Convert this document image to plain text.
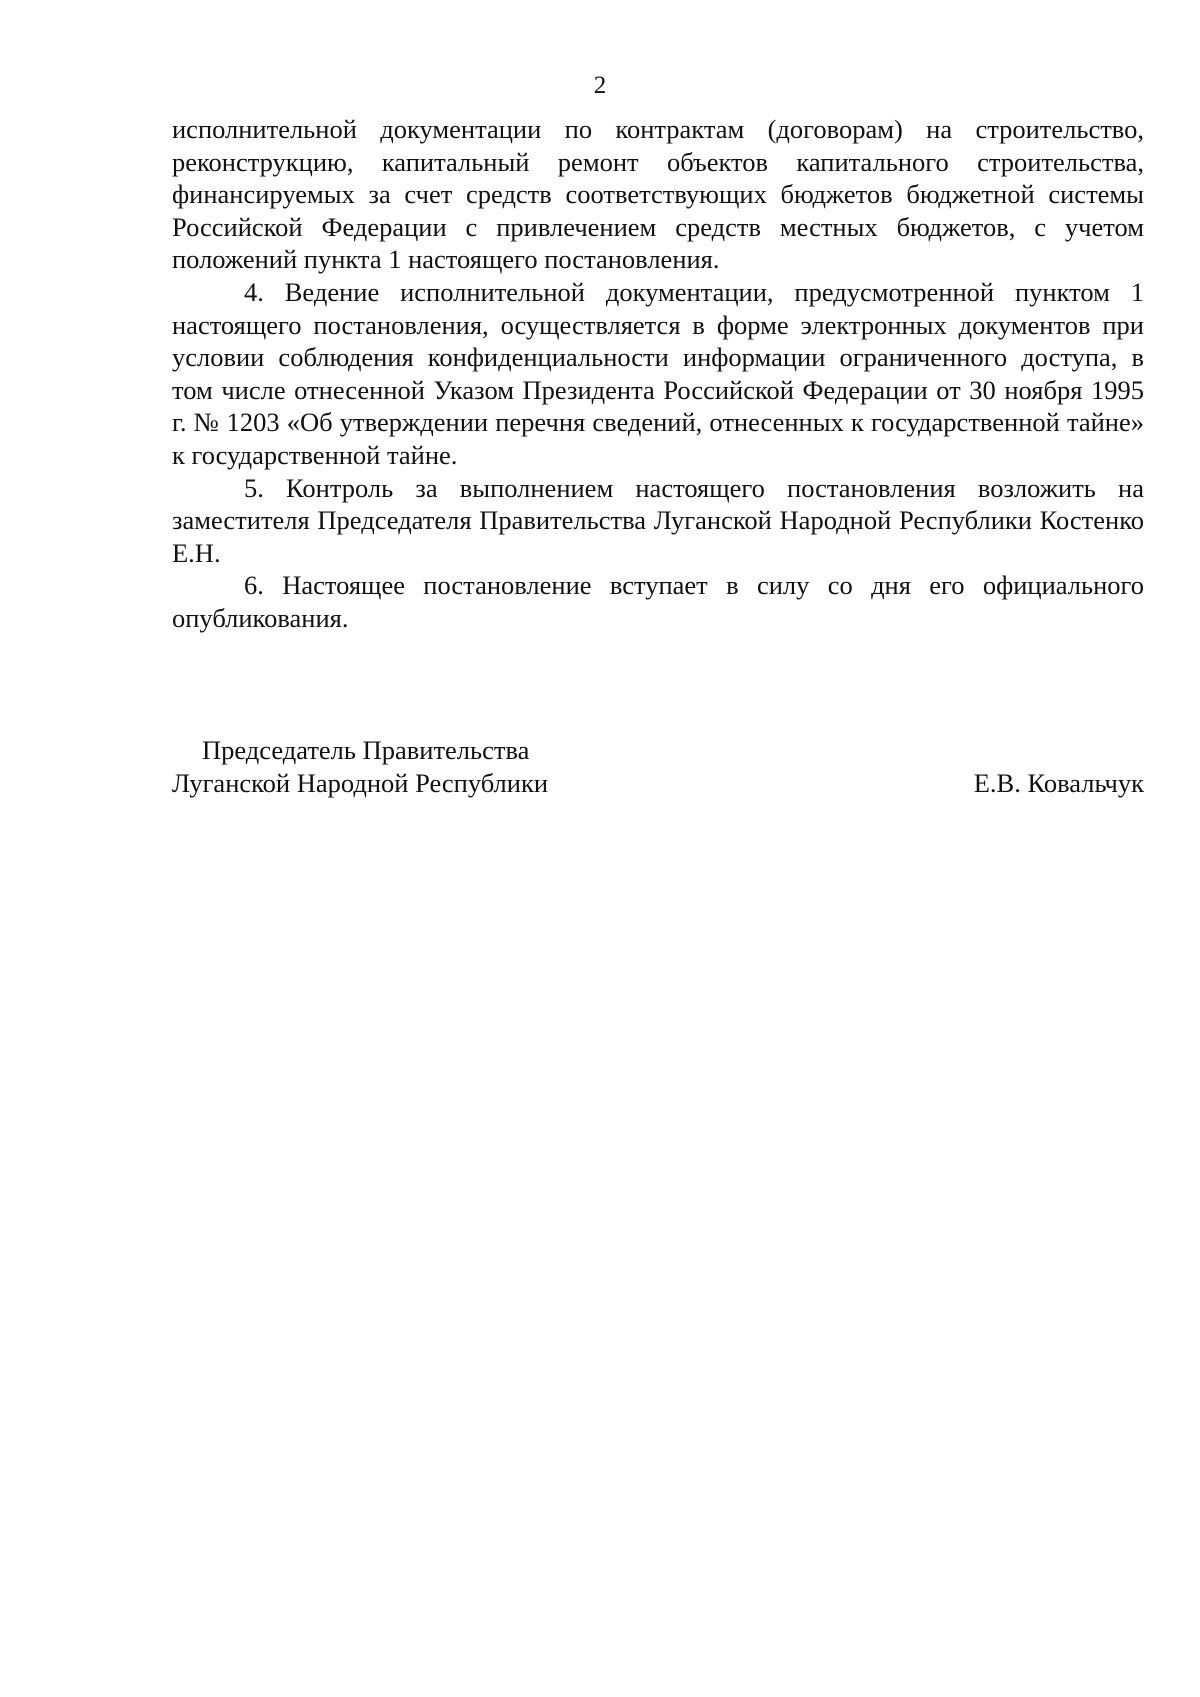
2

исполнительной документации по контрактам (договорам) на строительство, реконструкцию, капитальный ремонт объектов капитального строительства, финансируемых за счет средств соответствующих бюджетов бюджетной системы Российской Федерации с привлечением средств местных бюджетов, с учетом положений пункта 1 настоящего постановления.

4. Ведение исполнительной документации, предусмотренной пунктом 1 настоящего постановления, осуществляется в форме электронных документов при условии соблюдения конфиденциальности информации ограниченного доступа, в том числе отнесенной Указом Президента Российской Федерации от 30 ноября 1995 г. № 1203 «Об утверждении перечня сведений, отнесенных к государственной тайне» к государственной тайне.

5. Контроль за выполнением настоящего постановления возложить на заместителя Председателя Правительства Луганской Народной Республики Костенко Е.Н.

6. Настоящее постановление вступает в силу со дня его официального опубликования.

Председатель Правительства
Луганской Народной Республики	Е.В. Ковальчук
